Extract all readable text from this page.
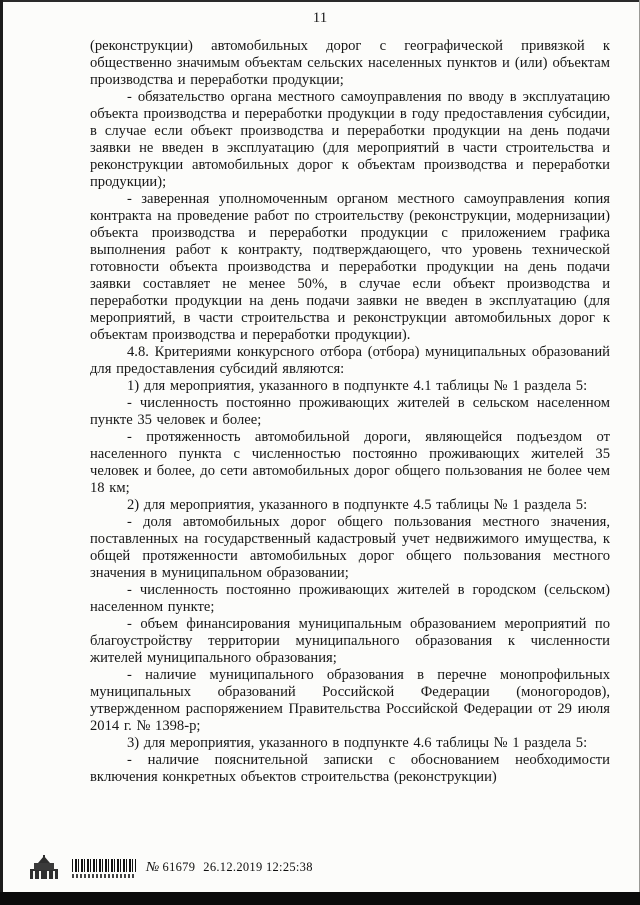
11

(реконструкции) автомобильных дорог с географической привязкой к общественно значимым объектам сельских населенных пунктов и (или) объектам производства и переработки продукции;

- обязательство органа местного самоуправления по вводу в эксплуатацию объекта производства и переработки продукции в году предоставления субсидии, в случае если объект производства и переработки продукции на день подачи заявки не введен в эксплуатацию (для мероприятий в части строительства и реконструкции автомобильных дорог к объектам производства и переработки продукции);

- заверенная уполномоченным органом местного самоуправления копия контракта на проведение работ по строительству (реконструкции, модернизации) объекта производства и переработки продукции с приложением графика выполнения работ к контракту, подтверждающего, что уровень технической готовности объекта производства и переработки продукции на день подачи заявки составляет не менее 50%, в случае если объект производства и переработки продукции на день подачи заявки не введен в эксплуатацию (для мероприятий, в части строительства и реконструкции автомобильных дорог к объектам производства и переработки продукции).

4.8. Критериями конкурсного отбора (отбора) муниципальных образований для предоставления субсидий являются:

1) для мероприятия, указанного в подпункте 4.1 таблицы № 1 раздела 5:

- численность постоянно проживающих жителей в сельском населенном пункте 35 человек и более;

- протяженность автомобильной дороги, являющейся подъездом от населенного пункта с численностью постоянно проживающих жителей 35 человек и более, до сети автомобильных дорог общего пользования не более чем 18 км;

2) для мероприятия, указанного в подпункте 4.5 таблицы № 1 раздела 5:

- доля автомобильных дорог общего пользования местного значения, поставленных на государственный кадастровый учет недвижимого имущества, к общей протяженности автомобильных дорог общего пользования местного значения в муниципальном образовании;

- численность постоянно проживающих жителей в городском (сельском) населенном пункте;

- объем финансирования муниципальным образованием мероприятий по благоустройству территории муниципального образования к численности жителей муниципального образования;

- наличие муниципального образования в перечне монопрофильных муниципальных образований Российской Федерации (моногородов), утвержденном распоряжением Правительства Российской Федерации от 29 июля 2014 г. № 1398-р;

3) для мероприятия, указанного в подпункте 4.6 таблицы № 1 раздела 5:

- наличие пояснительной записки с обоснованием необходимости включения конкретных объектов строительства (реконструкции)

№ 61679 26.12.2019 12:25:38
